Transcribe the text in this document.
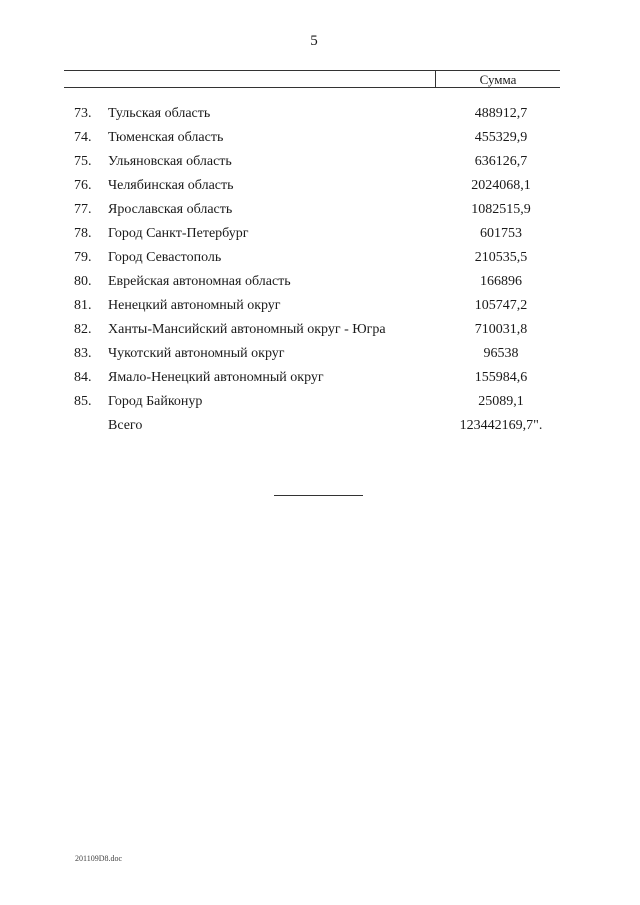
5
Сумма
73.	Тульская область	488912,7
74.	Тюменская область	455329,9
75.	Ульяновская область	636126,7
76.	Челябинская область	2024068,1
77.	Ярославская область	1082515,9
78.	Город Санкт-Петербург	601753
79.	Город Севастополь	210535,5
80.	Еврейская автономная область	166896
81.	Ненецкий автономный округ	105747,2
82.	Ханты-Мансийский автономный округ - Югра	710031,8
83.	Чукотский автономный округ	96538
84.	Ямало-Ненецкий автономный округ	155984,6
85.	Город Байконур	25089,1
Всего	123442169,7".
201109D8.doc
